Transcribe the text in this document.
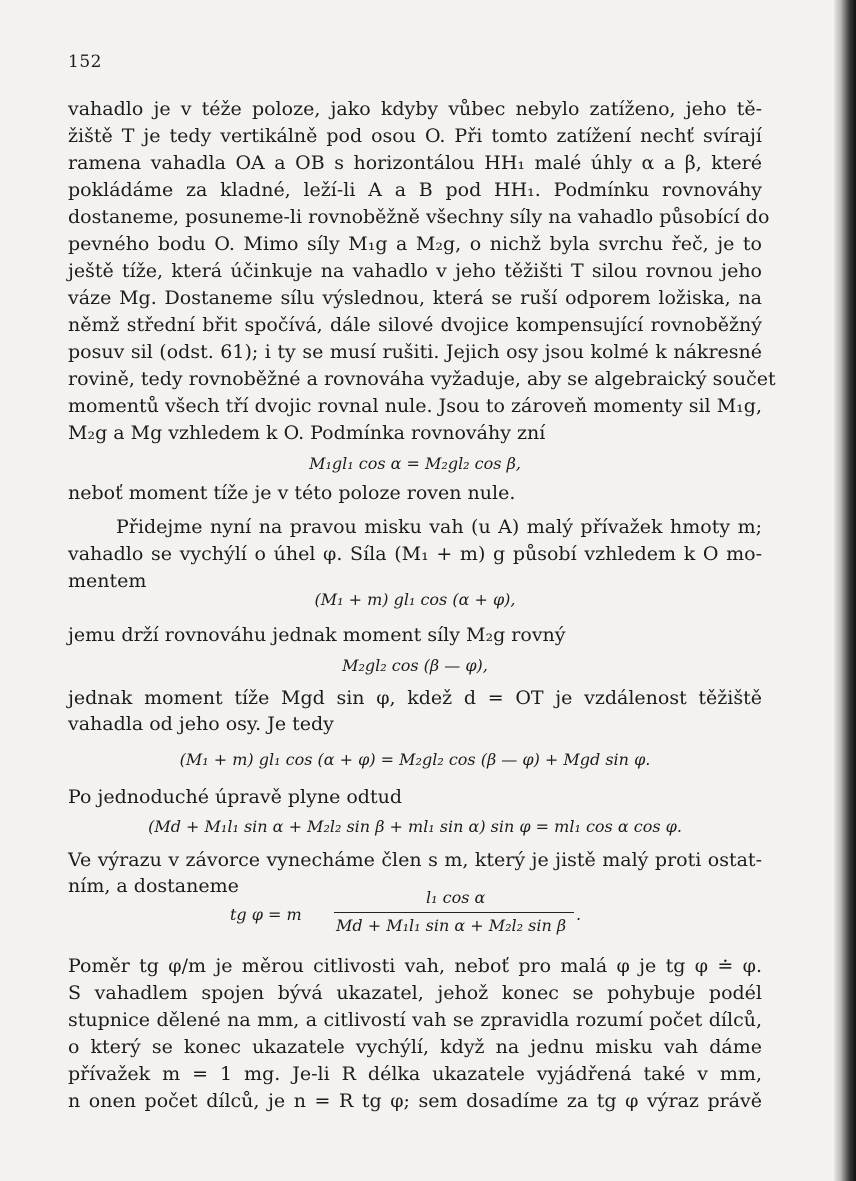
152
vahadlo je v téže poloze, jako kdyby vůbec nebylo zatíženo, jeho tě-
žiště T je tedy vertikálně pod osou O. Při tomto zatížení nechť svírají
ramena vahadla OA a OB s horizontálou HH₁ malé úhly α a β, které
pokládáme za kladné, leží-li A a B pod HH₁. Podmínku rovnováhy
dostaneme, posuneme-li rovnoběžně všechny síly na vahadlo působící do
pevného bodu O. Mimo síly M₁g a M₂g, o nichž byla svrchu řeč, je to
ještě tíže, která účinkuje na vahadlo v jeho těžišti T silou rovnou jeho
váze Mg. Dostaneme sílu výslednou, která se ruší odporem ložiska, na
němž střední břit spočívá, dále silové dvojice kompensující rovnoběžný
posuv sil (odst. 61); i ty se musí rušiti. Jejich osy jsou kolmé k nákresné
rovině, tedy rovnoběžné a rovnováha vyžaduje, aby se algebraický součet
momentů všech tří dvojic rovnal nule. Jsou to zároveň momenty sil M₁g,
M₂g a Mg vzhledem k O. Podmínka rovnováhy zní
M₁gl₁ cos α = M₂gl₂ cos β,
neboť moment tíže je v této poloze roven nule.
Přidejme nyní na pravou misku vah (u A) malý přívažek hmoty m;
vahadlo se vychýlí o úhel φ. Síla (M₁ + m) g působí vzhledem k O mo-
mentem
(M₁ + m) gl₁ cos (α + φ),
jemu drží rovnováhu jednak moment síly M₂g rovný
M₂gl₂ cos (β — φ),
jednak moment tíže Mgd sin φ, kdež d = OT je vzdálenost těžiště
vahadla od jeho osy. Je tedy
(M₁ + m) gl₁ cos (α + φ) = M₂gl₂ cos (β — φ) + Mgd sin φ.
Po jednoduché úpravě plyne odtud
(Md + M₁l₁ sin α + M₂l₂ sin β + ml₁ sin α) sin φ = ml₁ cos α cos φ.
Ve výrazu v závorce vynecháme člen s m, který je jistě malý proti ostat-
ním, a dostaneme
tg φ = m
l₁ cos α
Md + M₁l₁ sin α + M₂l₂ sin β
.
Poměr tg φ/m je měrou citlivosti vah, neboť pro malá φ je tg φ ≐ φ.
S vahadlem spojen bývá ukazatel, jehož konec se pohybuje podél
stupnice dělené na mm, a citlivostí vah se zpravidla rozumí počet dílců,
o který se konec ukazatele vychýlí, když na jednu misku vah dáme
přívažek m = 1 mg. Je-li R délka ukazatele vyjádřená také v mm,
n onen počet dílců, je n = R tg φ; sem dosadíme za tg φ výraz právě
